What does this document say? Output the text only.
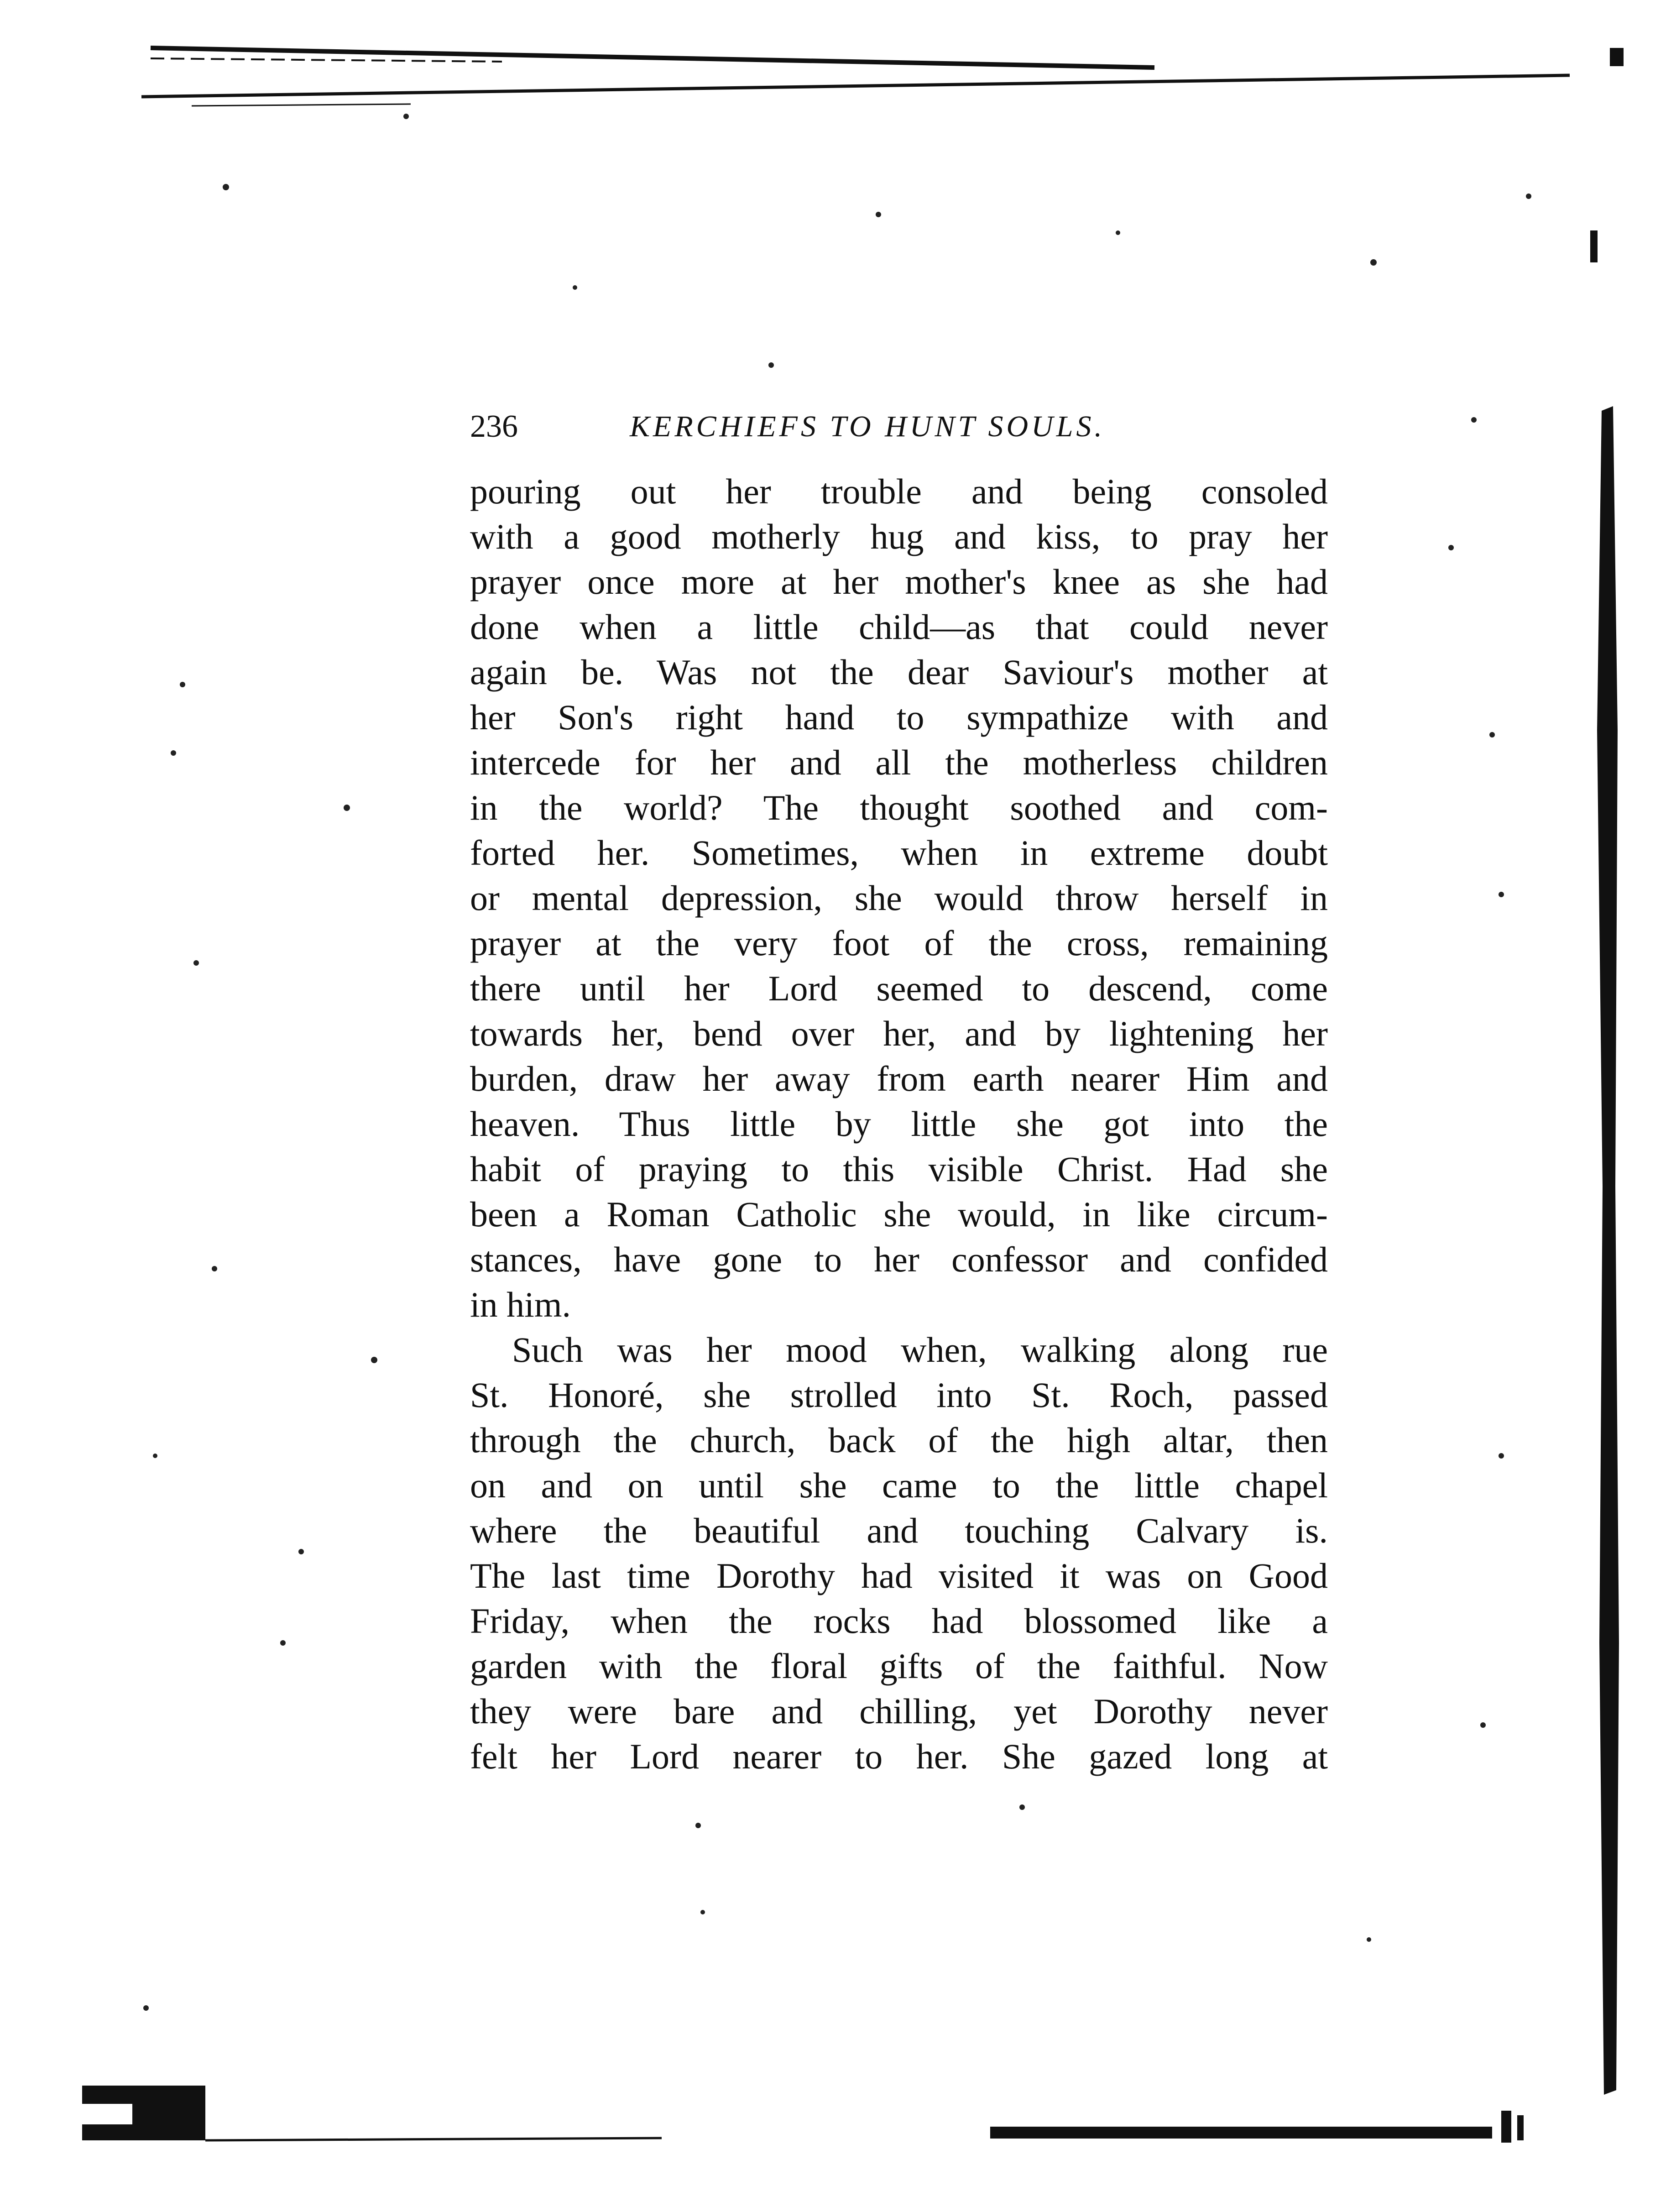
236	KERCHIEFS TO HUNT SOULS.
pouring out her trouble and being consoled
with a good motherly hug and kiss, to pray her
prayer once more at her mother's knee as she had
done when a little child—as that could never
again be. Was not the dear Saviour's mother at
her Son's right hand to sympathize with and
intercede for her and all the motherless children
in the world? The thought soothed and com-
forted her. Sometimes, when in extreme doubt
or mental depression, she would throw herself in
prayer at the very foot of the cross, remaining
there until her Lord seemed to descend, come
towards her, bend over her, and by lightening her
burden, draw her away from earth nearer Him and
heaven. Thus little by little she got into the
habit of praying to this visible Christ. Had she
been a Roman Catholic she would, in like circum-
stances, have gone to her confessor and confided
in him.
Such was her mood when, walking along rue
St. Honoré, she strolled into St. Roch, passed
through the church, back of the high altar, then
on and on until she came to the little chapel
where the beautiful and touching Calvary is.
The last time Dorothy had visited it was on Good
Friday, when the rocks had blossomed like a
garden with the floral gifts of the faithful. Now
they were bare and chilling, yet Dorothy never
felt her Lord nearer to her. She gazed long at
